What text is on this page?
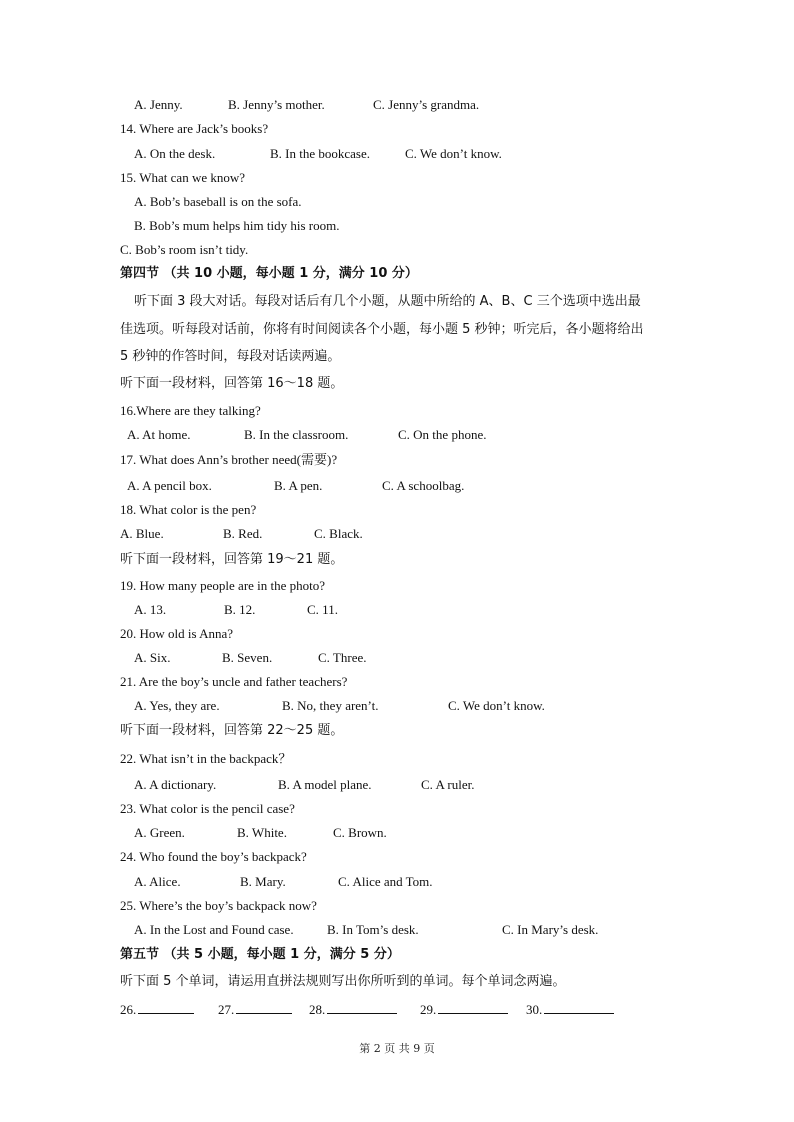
A. Jenny.	B. Jenny’s mother.	C. Jenny’s grandma.
14. Where are Jack’s books?
A. On the desk.	B. In the bookcase.	C. We don’t know.
15. What can we know?
A. Bob’s baseball is on the sofa.
B. Bob’s mum helps him tidy his room.
C. Bob’s room isn’t tidy.
第四节 （共 10 小题，每小题 1 分，满分 10 分）
听下面 3 段大对话。每段对话后有几个小题，从题中所给的 A、B、C 三个选项中选出最
佳选项。听每段对话前，你将有时间阅读各个小题，每小题 5 秒钟；听完后，各小题将给出
5 秒钟的作答时间，每段对话读两遍。
听下面一段材料，回答第 16～18 题。
16.Where are they talking?
A. At home.	B. In the classroom.	C. On the phone.
17. What does Ann’s brother need(需要)?
A. A pencil box.	B. A pen.	C. A schoolbag.
18. What color is the pen?
A. Blue.	B. Red.	C. Black.
听下面一段材料，回答第 19～21 题。
19. How many people are in the photo?
A. 13.	B. 12.	C. 11.
20. How old is Anna?
A. Six.	B. Seven.	C. Three.
21. Are the boy’s uncle and father teachers?
A. Yes, they are.	B. No, they aren’t.	C. We don’t know.
听下面一段材料，回答第 22～25 题。
22. What isn’t in the backpack？
A. A dictionary.	B. A model plane.	C. A ruler.
23. What color is the pencil case?
A. Green.	B. White.	C. Brown.
24. Who found the boy’s backpack?
A. Alice.	B. Mary.	C. Alice and Tom.
25. Where’s the boy’s backpack now?
A. In the Lost and Found case.	B. In Tom’s desk.	C. In Mary’s desk.
第五节 （共 5 小题，每小题 1 分，满分 5 分）
听下面 5 个单词，请运用直拼法规则写出你所听到的单词。每个单词念两遍。
26.	27.	28.	29.	30.
第 2 页 共 9 页
